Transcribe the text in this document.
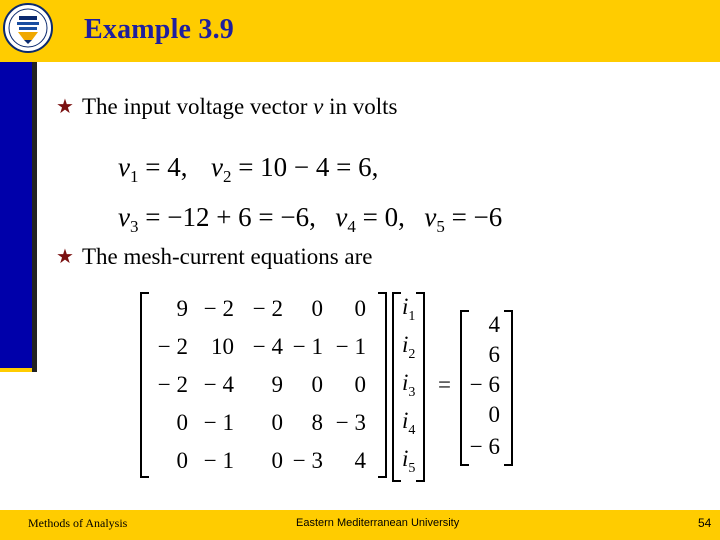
Example 3.9
★ The input voltage vector v in volts
$v_1 = 4$, $v_2 = 10 - 4 = 6$,
$v_3 = -12 + 6 = -6$, $v_4 = 0$, $v_5 = -6$
★ The mesh-current equations are
9 − 2 − 2 0 0
− 2 10 − 4 − 1 − 1
− 2 − 4 9 0 0
0 − 1 0 8 − 3
0 − 1 0 − 3 4
$i_1$
$i_2$
$i_3$
$i_4$
$i_5$
4
6
− 6
0
− 6
=
Methods of Analysis	Eastern Mediterranean University	54
